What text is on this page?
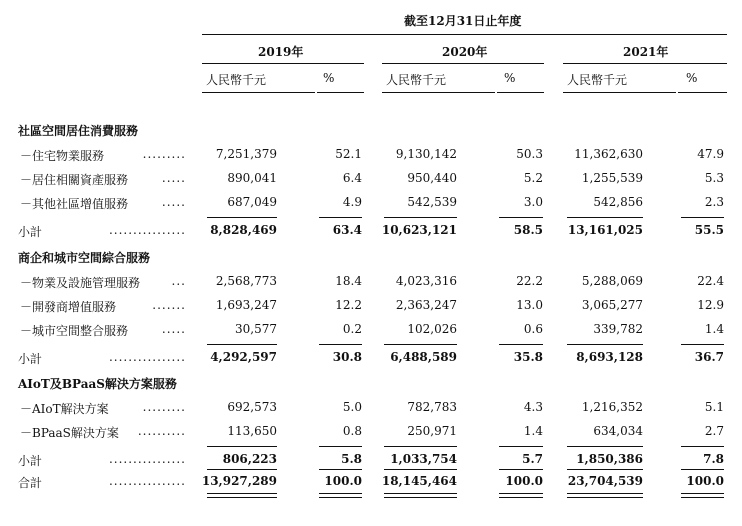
社區空間居住消費服務
－住宅物業服務	......... 7,251,379	52.1	9,130,142	50.3	11,362,630	47.9
－居住相關資產服務	.....	890,041	6.4	950,440	5.2	1,255,539	5.3
－其他社區增值服務	.....	687,049	4.9	542,539	3.0	542,856	2.3
小計	................ 8,828,469	63.4 10,623,121	58.5 13,161,025	55.5
商企和城市空間綜合服務
－物業及設施管理服務	... 2,568,773	18.4	4,023,316	22.2	5,288,069	22.4
－開發商增值服務	....... 1,693,247	12.2	2,363,247	13.0	3,065,277	12.9
－城市空間整合服務	.....	30,577	0.2	102,026	0.6	339,782	1.4
小計	................ 4,292,597	30.8 6,488,589	35.8	8,693,128	36.7
AIoT及BPaaS解決方案服務
－AIoT解決方案	.........	692,573	5.0	782,783	4.3	1,216,352	5.1
－BPaaS解決方案 ..........	113,650	0.8	250,971	1.4	634,034	2.7
小計	................	806,223	5.8 1,033,754	5.7	1,850,386	7.8
合計	................ 13,927,289	100.0 18,145,464	100.0 23,704,539	100.0
截至12月31日止年度
2019年	2020年	2021年
人民幣千元	%	人民幣千元	%	人民幣千元	%
